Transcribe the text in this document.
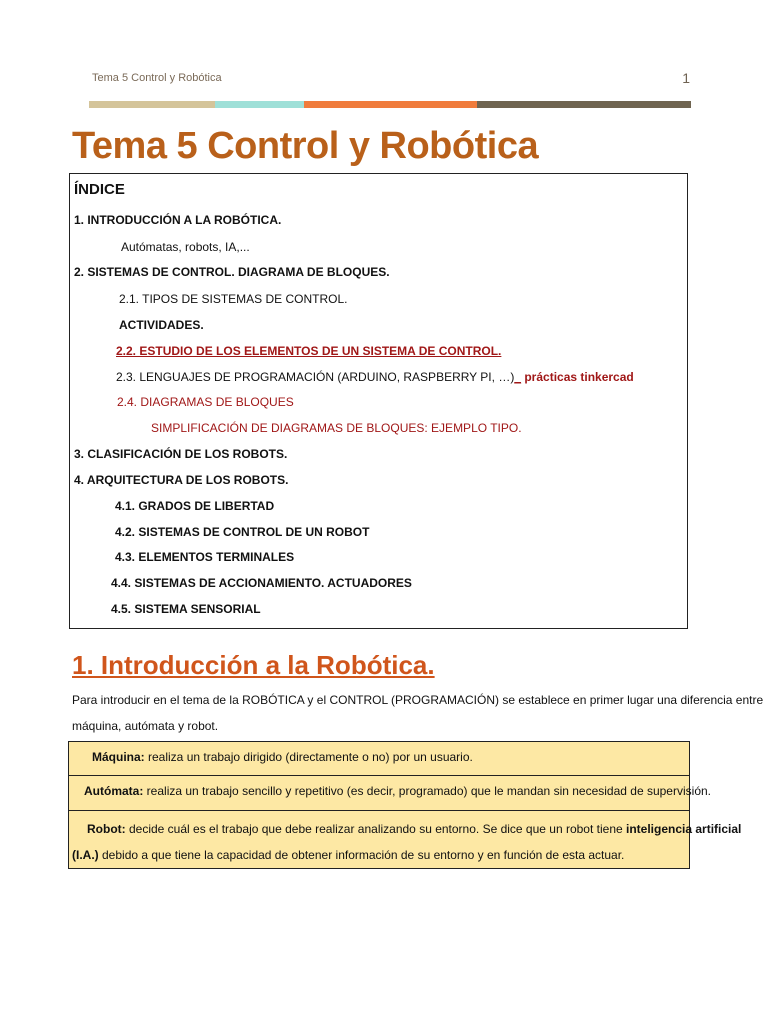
Tema 5 Control y Robótica	1
Tema 5 Control y Robótica
ÍNDICE
1. INTRODUCCIÓN A LA ROBÓTICA.
Autómatas, robots, IA,...
2. SISTEMAS DE CONTROL. DIAGRAMA DE BLOQUES.
2.1. TIPOS DE SISTEMAS DE CONTROL.
ACTIVIDADES.
2.2. ESTUDIO DE LOS ELEMENTOS DE UN SISTEMA DE CONTROL.
2.3. LENGUAJES DE PROGRAMACIÓN (ARDUINO, RASPBERRY PI, …)_ prácticas tinkercad
2.4. DIAGRAMAS DE BLOQUES
SIMPLIFICACIÓN DE DIAGRAMAS DE BLOQUES: EJEMPLO TIPO.
3. CLASIFICACIÓN DE LOS ROBOTS.
4. ARQUITECTURA DE LOS ROBOTS.
4.1. GRADOS DE LIBERTAD
4.2. SISTEMAS DE CONTROL DE UN ROBOT
4.3. ELEMENTOS TERMINALES
4.4. SISTEMAS DE ACCIONAMIENTO. ACTUADORES
4.5. SISTEMA SENSORIAL
1. Introducción a la Robótica.
Para introducir en el tema de la ROBÓTICA y el CONTROL (PROGRAMACIÓN) se establece en primer lugar una diferencia entre
máquina, autómata y robot.
Máquina: realiza un trabajo dirigido (directamente o no) por un usuario.
Autómata: realiza un trabajo sencillo y repetitivo (es decir, programado) que le mandan sin necesidad de supervisión.
Robot: decide cuál es el trabajo que debe realizar analizando su entorno. Se dice que un robot tiene inteligencia artificial
(I.A.) debido a que tiene la capacidad de obtener información de su entorno y en función de esta actuar.
